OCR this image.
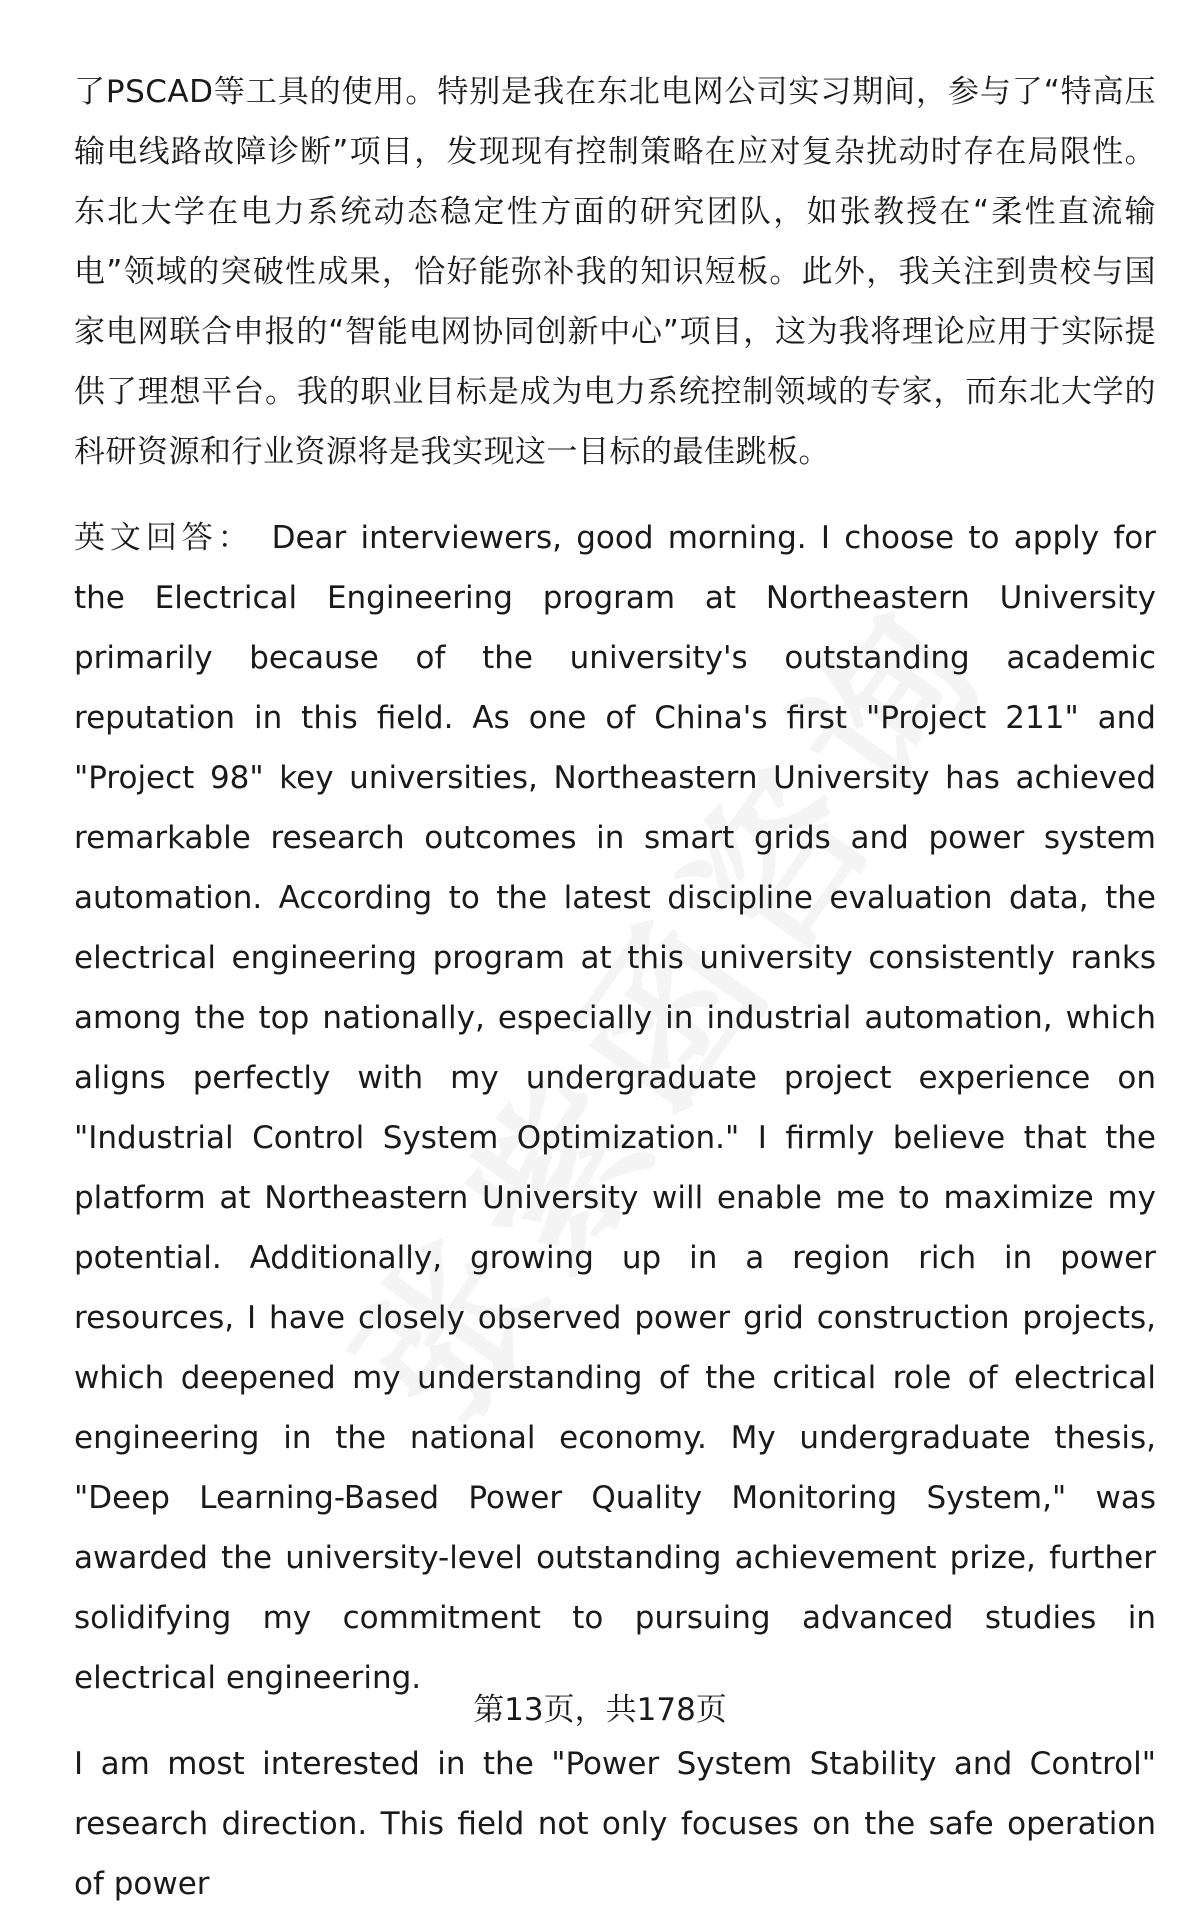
了PSCAD等工具的使用。特别是我在东北电网公司实习期间，参与了“特高压输电线路故障诊断”项目，发现现有控制策略在应对复杂扰动时存在局限性。东北大学在电力系统动态稳定性方面的研究团队，如张教授在“柔性直流输电”领域的突破性成果，恰好能弥补我的知识短板。此外，我关注到贵校与国家电网联合申报的“智能电网协同创新中心”项目，这为我将理论应用于实际提供了理想平台。我的职业目标是成为电力系统控制领域的专家，而东北大学的科研资源和行业资源将是我实现这一目标的最佳跳板。

英文回答： Dear interviewers, good morning. I choose to apply for the Electrical Engineering program at Northeastern University primarily because of the university's outstanding academic reputation in this field. As one of China's first "Project 211" and "Project 98" key universities, Northeastern University has achieved remarkable research outcomes in smart grids and power system automation. According to the latest discipline evaluation data, the electrical engineering program at this university consistently ranks among the top nationally, especially in industrial automation, which aligns perfectly with my undergraduate project experience on "Industrial Control System Optimization." I firmly believe that the platform at Northeastern University will enable me to maximize my potential. Additionally, growing up in a region rich in power resources, I have closely observed power grid construction projects, which deepened my understanding of the critical role of electrical engineering in the national economy. My undergraduate thesis, "Deep Learning-Based Power Quality Monitoring System," was awarded the university-level outstanding achievement prize, further solidifying my commitment to pursuing advanced studies in electrical engineering.

I am most interested in the "Power System Stability and Control" research direction. This field not only focuses on the safe operation of power

第13页，共178页
